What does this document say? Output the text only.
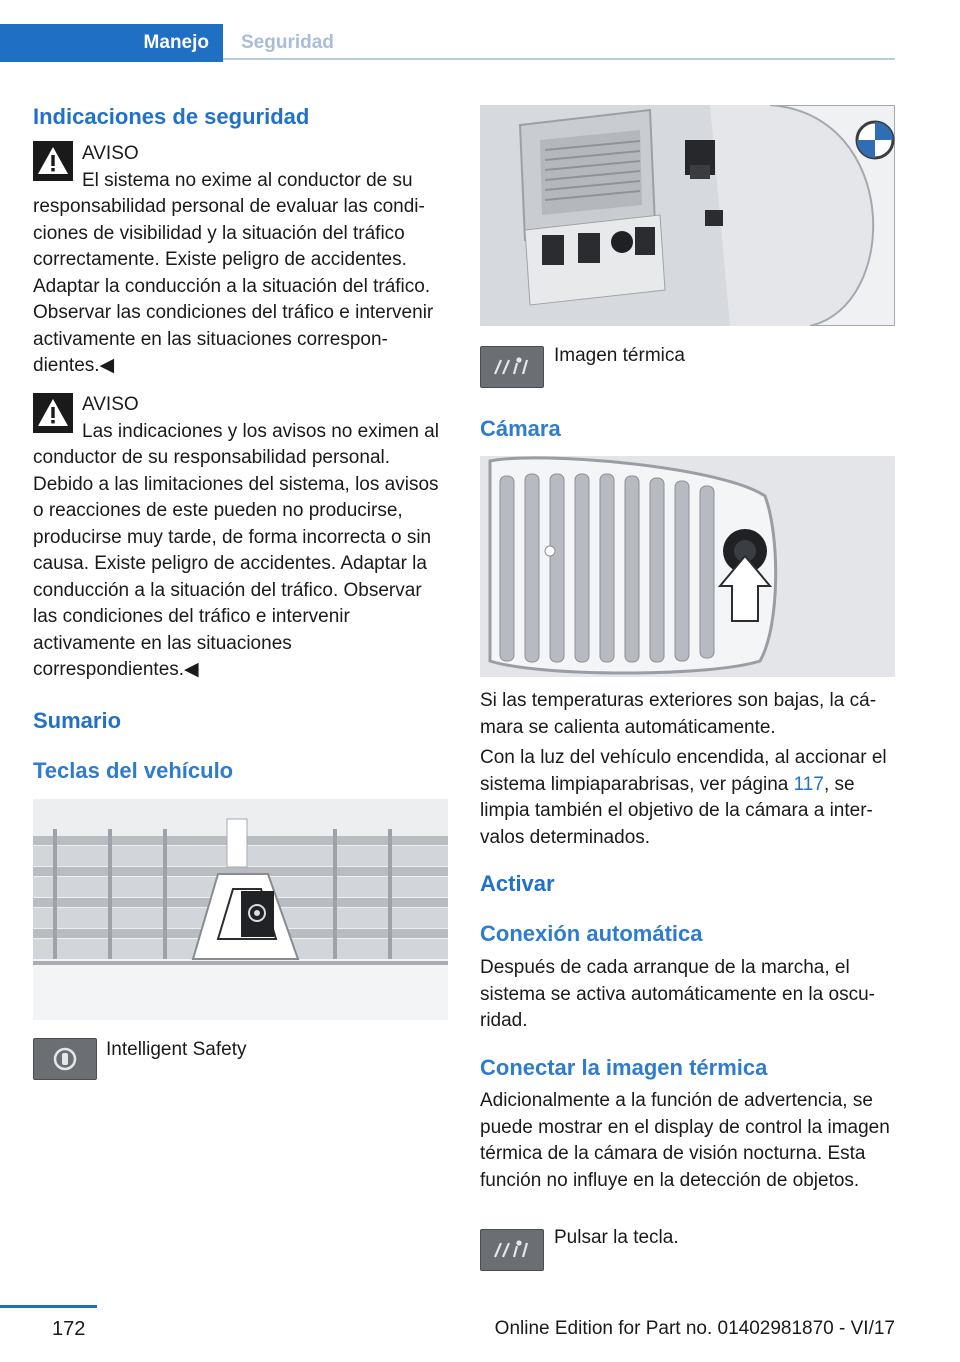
Manejo	Seguridad
Indicaciones de seguridad
AVISO
El sistema no exime al conductor de su responsabilidad personal de evaluar las condiciones de visibilidad y la situación del tráfico correctamente. Existe peligro de accidentes. Adaptar la conducción a la situación del tráfico. Observar las condiciones del tráfico e intervenir activamente en las situaciones correspondientes.◀
AVISO
Las indicaciones y los avisos no eximen al conductor de su responsabilidad personal. Debido a las limitaciones del sistema, los avisos o reacciones de este pueden no producirse, producirse muy tarde, de forma incorrecta o sin causa. Existe peligro de accidentes. Adaptar la conducción a la situación del tráfico. Observar las condiciones del tráfico e intervenir activamente en las situaciones correspondientes.◀
Sumario
Teclas del vehículo
Intelligent Safety
Imagen térmica
Cámara
Si las temperaturas exteriores son bajas, la cámara se calienta automáticamente.
Con la luz del vehículo encendida, al accionar el sistema limpiaparabrisas, ver página 117, se limpia también el objetivo de la cámara a intervalos determinados.
Activar
Conexión automática
Después de cada arranque de la marcha, el sistema se activa automáticamente en la oscuridad.
Conectar la imagen térmica
Adicionalmente a la función de advertencia, se puede mostrar en el display de control la imagen térmica de la cámara de visión nocturna. Esta función no influye en la detección de objetos.
Pulsar la tecla.
172	Online Edition for Part no. 01402981870 - VI/17
